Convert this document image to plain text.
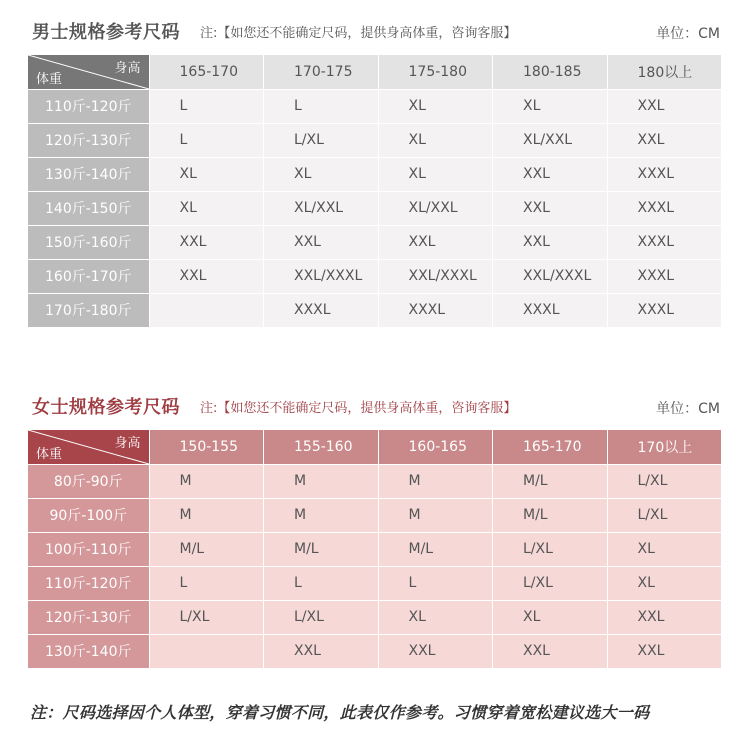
男士规格参考尺码 注:【如您还不能确定尺码，提供身高体重，咨询客服】	单位：CM
身高
体重	165-170	170-175	175-180	180-185	180以上
110斤-120斤	L	L	XL	XL	XXL
120斤-130斤	L	L/XL	XL	XL/XXL	XXL
130斤-140斤	XL	XL	XL	XXL	XXXL
140斤-150斤	XL	XL/XXL	XL/XXL	XXL	XXXL
150斤-160斤	XXL	XXL	XXL	XXL	XXXL
160斤-170斤	XXL	XXL/XXXL	XXL/XXXL	XXL/XXXL	XXXL
170斤-180斤		XXXL	XXXL	XXXL	XXXL
女士规格参考尺码 注:【如您还不能确定尺码，提供身高体重，咨询客服】	单位：CM
身高
体重	150-155	155-160	160-165	165-170	170以上
80斤-90斤	M	M	M	M/L	L/XL
90斤-100斤	M	M	M	M/L	L/XL
100斤-110斤	M/L	M/L	M/L	L/XL	XL
110斤-120斤	L	L	L	L/XL	XL
120斤-130斤	L/XL	L/XL	XL	XL	XXL
130斤-140斤		XXL	XXL	XXL	XXL
注：尺码选择因个人体型，穿着习惯不同，此表仅作参考。习惯穿着宽松建议选大一码
